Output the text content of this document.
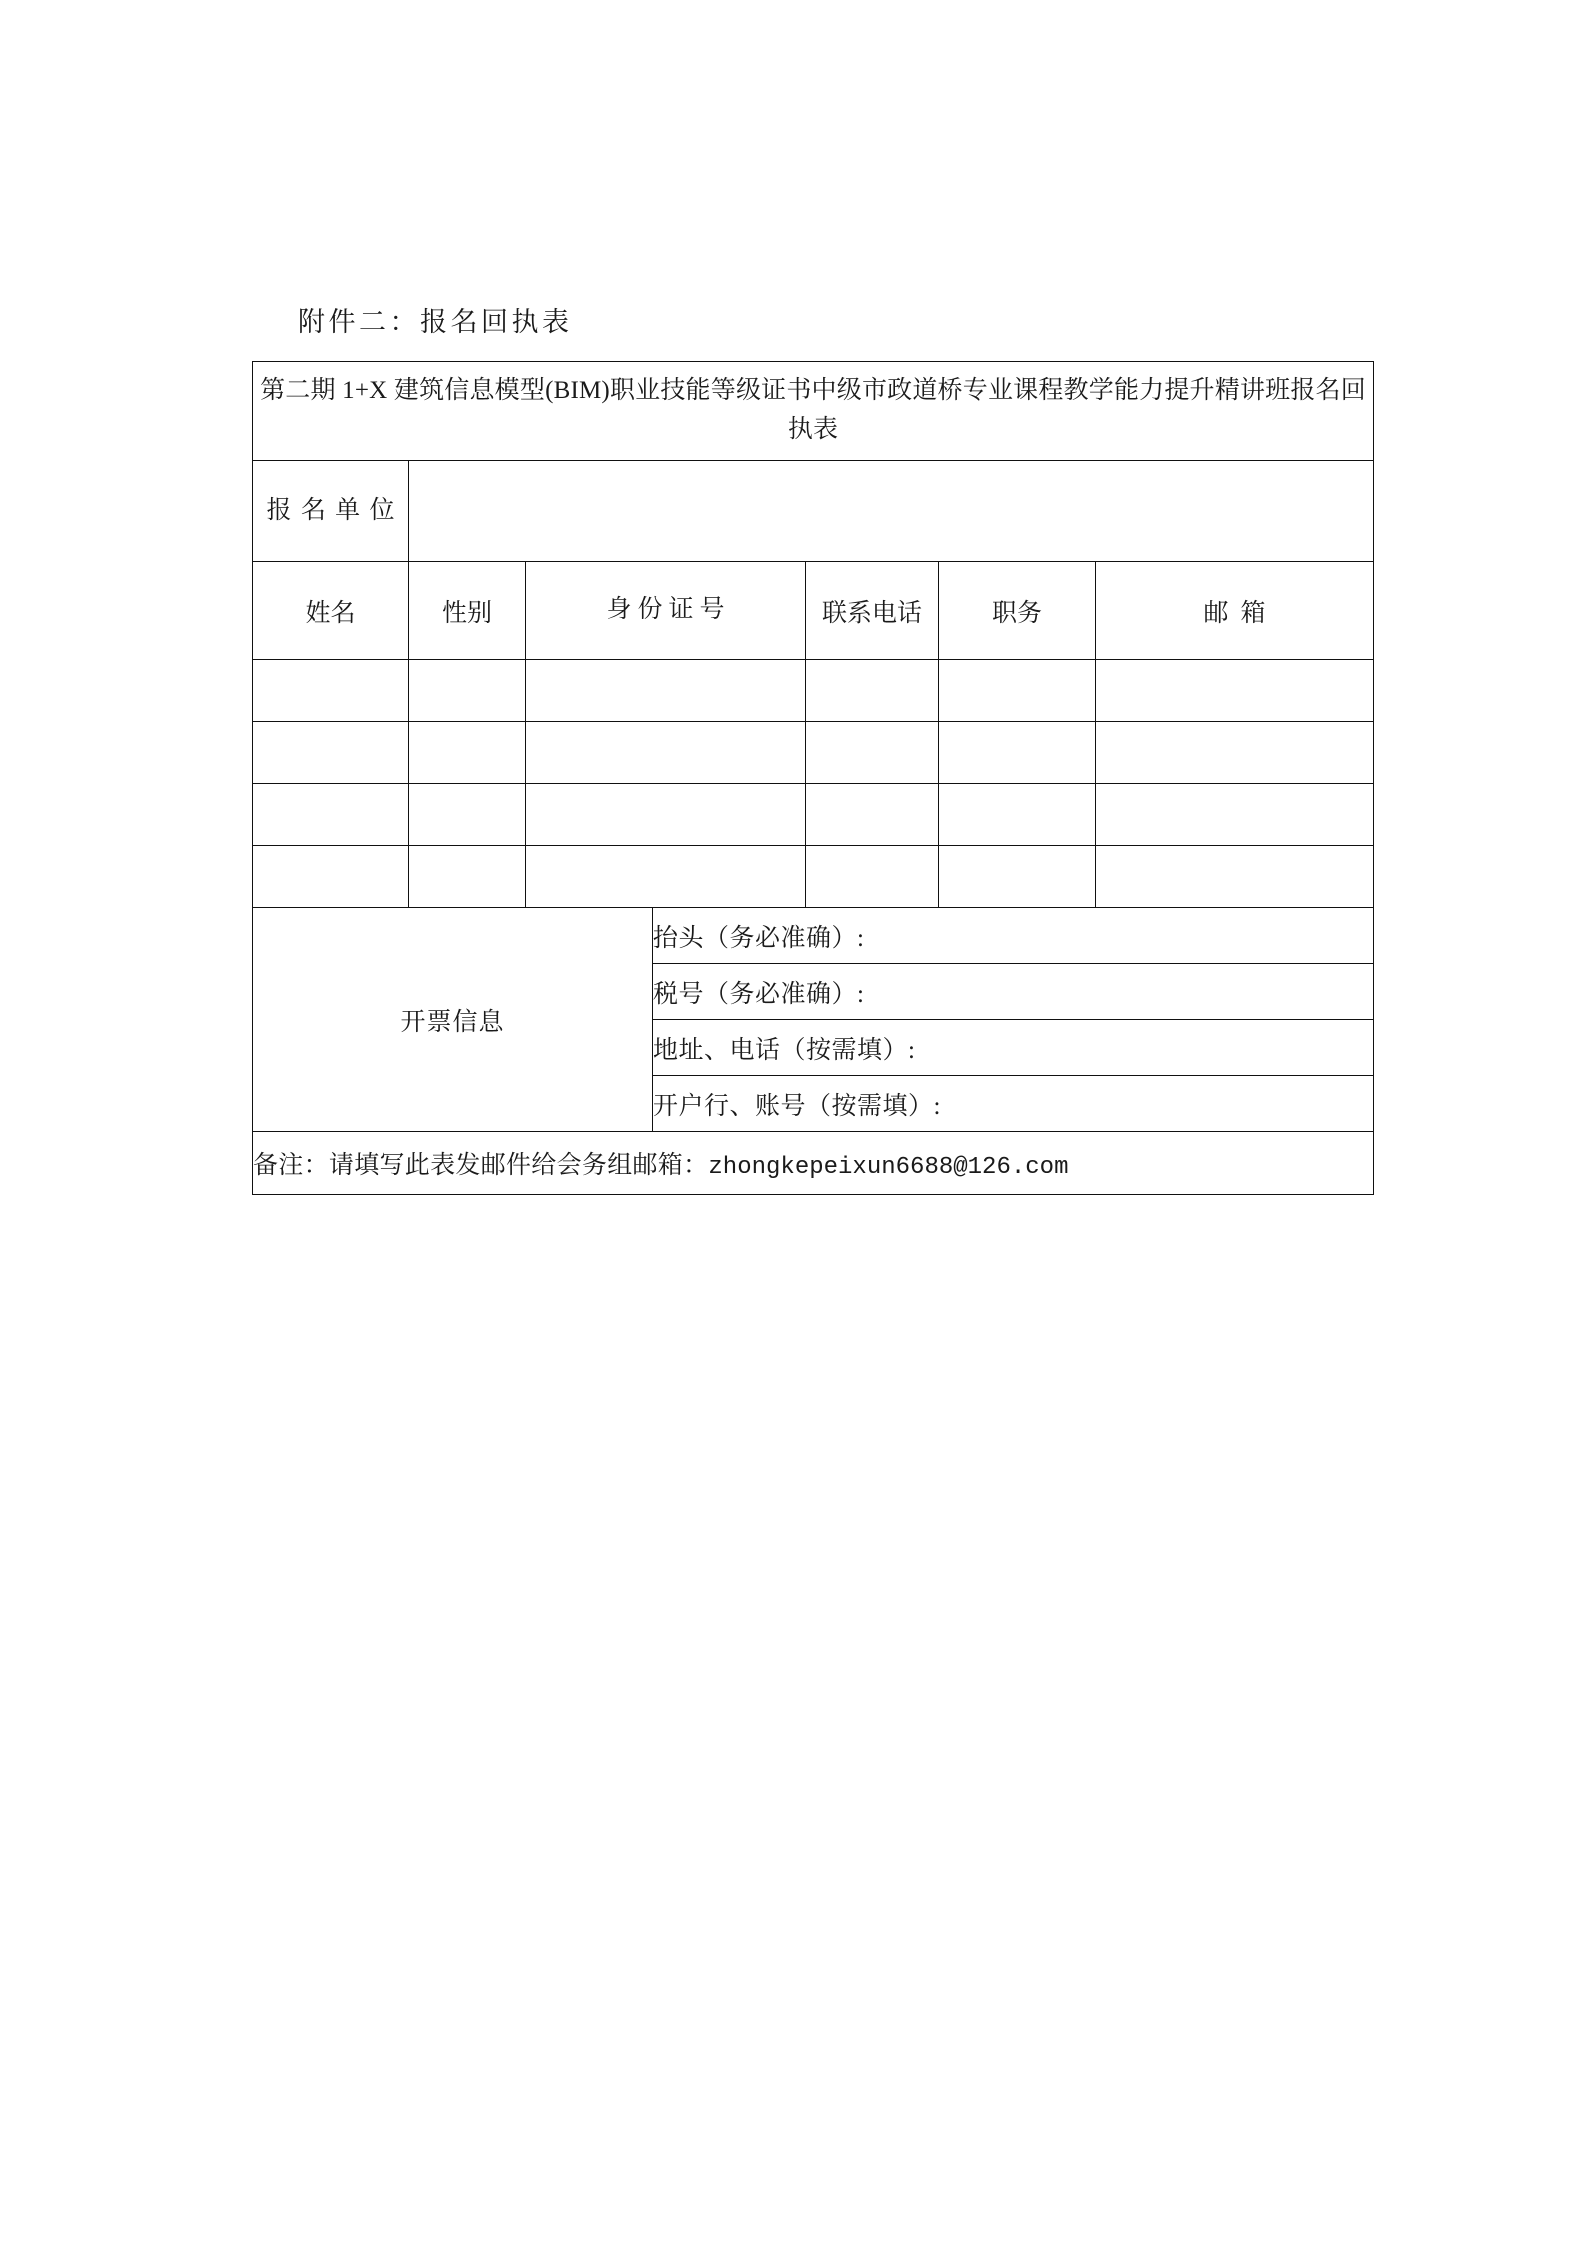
附件二：报名回执表
第二期 1+X 建筑信息模型(BIM)职业技能等级证书中级市政道桥专业课程教学能力提升精讲班报名回执表						

报名单位						

姓名	性别	身份证号		联系电话	职务	邮箱

开票信息			抬头（务必准确）:			
			税号（务必准确）:			
			地址、电话（按需填）:			
			开户行、账号（按需填）:			
备注：请填写此表发邮件给会务组邮箱：zhongkepeixun6688@126.com						
